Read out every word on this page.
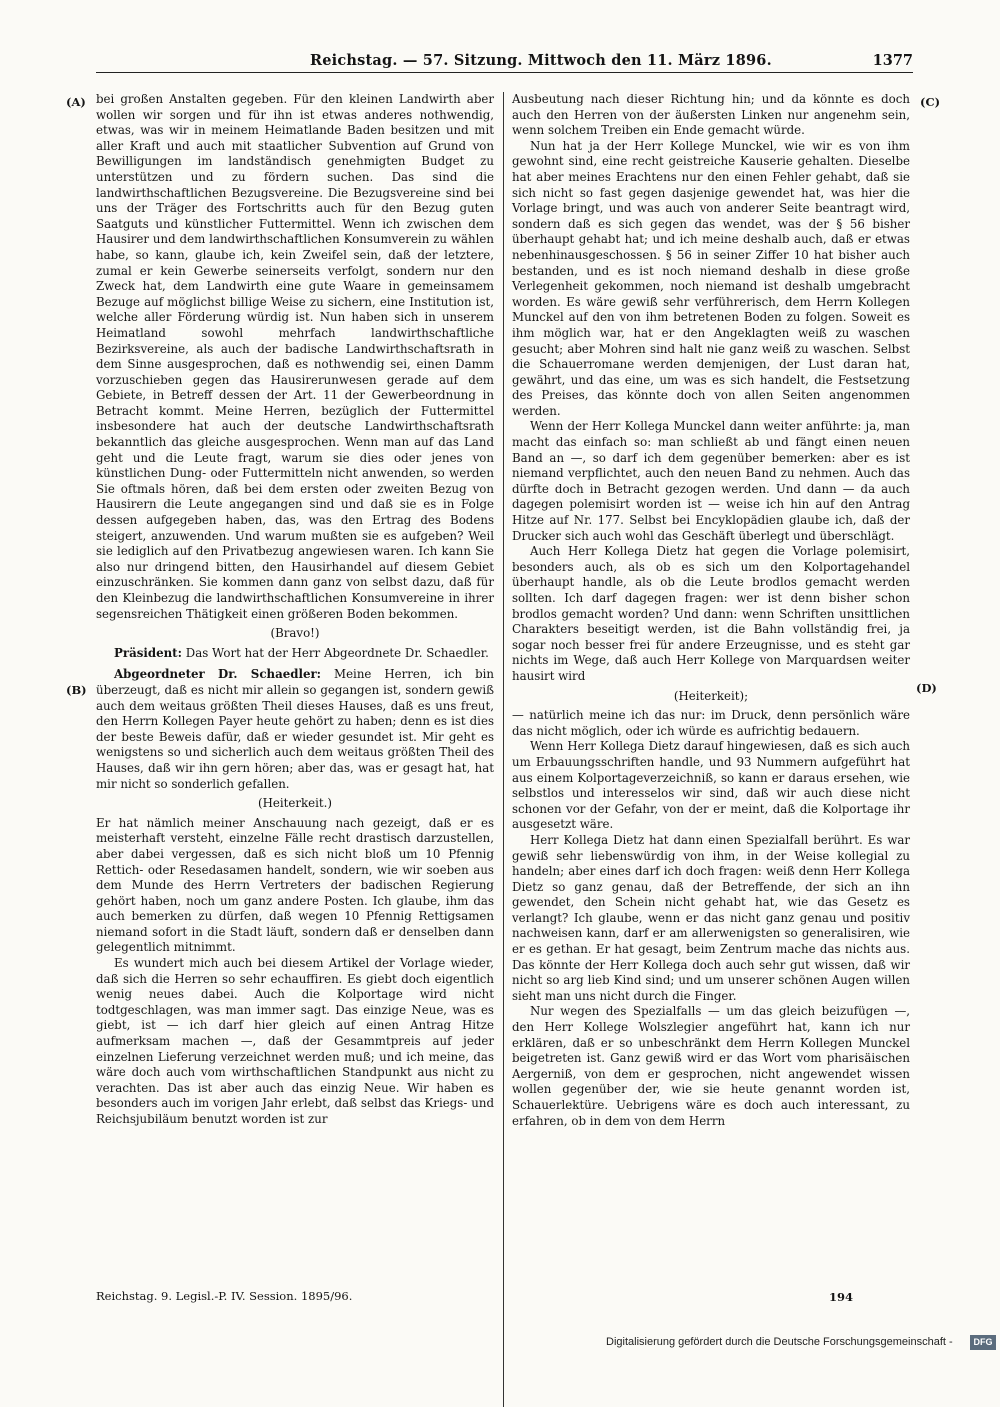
Reichstag. — 57. Sitzung. Mittwoch den 11. März 1896.	1377
(A)
(B)
(C)
(D)

bei großen Anstalten gegeben. Für den kleinen Landwirth aber wollen wir sorgen und für ihn ist etwas anderes nothwendig, etwas, was wir in meinem Heimatlande Baden besitzen und mit aller Kraft und auch mit staatlicher Subvention auf Grund von Bewilligungen im landständisch genehmigten Budget zu unterstützen und zu fördern suchen. Das sind die landwirthschaftlichen Bezugsvereine. Die Bezugsvereine sind bei uns der Träger des Fortschritts auch für den Bezug guten Saatguts und künstlicher Futtermittel. Wenn ich zwischen dem Hausirer und dem landwirthschaftlichen Konsumverein zu wählen habe, so kann, glaube ich, kein Zweifel sein, daß der letztere, zumal er kein Gewerbe seinerseits verfolgt, sondern nur den Zweck hat, dem Landwirth eine gute Waare in gemeinsamem Bezuge auf möglichst billige Weise zu sichern, eine Institution ist, welche aller Förderung würdig ist. Nun haben sich in unserem Heimatland sowohl mehrfach landwirthschaftliche Bezirksvereine, als auch der badische Landwirthschaftsrath in dem Sinne ausgesprochen, daß es nothwendig sei, einen Damm vorzuschieben gegen das Hausirerunwesen gerade auf dem Gebiete, in Betreff dessen der Art. 11 der Gewerbeordnung in Betracht kommt. Meine Herren, bezüglich der Futtermittel insbesondere hat auch der deutsche Landwirthschaftsrath bekanntlich das gleiche ausgesprochen. Wenn man auf das Land geht und die Leute fragt, warum sie dies oder jenes von künstlichen Dung- oder Futtermitteln nicht anwenden, so werden Sie oftmals hören, daß bei dem ersten oder zweiten Bezug von Hausirern die Leute angegangen sind und daß sie es in Folge dessen aufgegeben haben, das, was den Ertrag des Bodens steigert, anzuwenden. Und warum mußten sie es aufgeben? Weil sie lediglich auf den Privatbezug angewiesen waren. Ich kann Sie also nur dringend bitten, den Hausirhandel auf diesem Gebiet einzuschränken. Sie kommen dann ganz von selbst dazu, daß für den Kleinbezug die landwirthschaftlichen Konsumvereine in ihrer segensreichen Thätigkeit einen größeren Boden bekommen.

(Bravo!)

Präsident: Das Wort hat der Herr Abgeordnete Dr. Schaedler.

Abgeordneter Dr. Schaedler: Meine Herren, ich bin überzeugt, daß es nicht mir allein so gegangen ist, sondern gewiß auch dem weitaus größten Theil dieses Hauses, daß es uns freut, den Herrn Kollegen Payer heute gehört zu haben; denn es ist dies der beste Beweis dafür, daß er wieder gesundet ist. Mir geht es wenigstens so und sicherlich auch dem weitaus größten Theil des Hauses, daß wir ihn gern hören; aber das, was er gesagt hat, hat mir nicht so sonderlich gefallen.

(Heiterkeit.)

Er hat nämlich meiner Anschauung nach gezeigt, daß er es meisterhaft versteht, einzelne Fälle recht drastisch darzustellen, aber dabei vergessen, daß es sich nicht bloß um 10 Pfennig Rettich- oder Resedasamen handelt, sondern, wie wir soeben aus dem Munde des Herrn Vertreters der badischen Regierung gehört haben, noch um ganz andere Posten. Ich glaube, ihm das auch bemerken zu dürfen, daß wegen 10 Pfennig Rettigsamen niemand sofort in die Stadt läuft, sondern daß er denselben dann gelegentlich mitnimmt.

Es wundert mich auch bei diesem Artikel der Vorlage wieder, daß sich die Herren so sehr echauffiren. Es giebt doch eigentlich wenig neues dabei. Auch die Kolportage wird nicht todtgeschlagen, was man immer sagt. Das einzige Neue, was es giebt, ist — ich darf hier gleich auf einen Antrag Hitze aufmerksam machen —, daß der Gesammtpreis auf jeder einzelnen Lieferung verzeichnet werden muß; und ich meine, das wäre doch auch vom wirthschaftlichen Standpunkt aus nicht zu verachten. Das ist aber auch das einzig Neue. Wir haben es besonders auch im vorigen Jahr erlebt, daß selbst das Kriegs- und Reichsjubiläum benutzt worden ist zur

Ausbeutung nach dieser Richtung hin; und da könnte es doch auch den Herren von der äußersten Linken nur angenehm sein, wenn solchem Treiben ein Ende gemacht würde.

Nun hat ja der Herr Kollege Munckel, wie wir es von ihm gewohnt sind, eine recht geistreiche Kauserie gehalten. Dieselbe hat aber meines Erachtens nur den einen Fehler gehabt, daß sie sich nicht so fast gegen dasjenige gewendet hat, was hier die Vorlage bringt, und was auch von anderer Seite beantragt wird, sondern daß es sich gegen das wendet, was der § 56 bisher überhaupt gehabt hat; und ich meine deshalb auch, daß er etwas nebenhinausgeschossen. § 56 in seiner Ziffer 10 hat bisher auch bestanden, und es ist noch niemand deshalb in diese große Verlegenheit gekommen, noch niemand ist deshalb umgebracht worden. Es wäre gewiß sehr verführerisch, dem Herrn Kollegen Munckel auf den von ihm betretenen Boden zu folgen. Soweit es ihm möglich war, hat er den Angeklagten weiß zu waschen gesucht; aber Mohren sind halt nie ganz weiß zu waschen. Selbst die Schauerromane werden demjenigen, der Lust daran hat, gewährt, und das eine, um was es sich handelt, die Festsetzung des Preises, das könnte doch von allen Seiten angenommen werden.

Wenn der Herr Kollega Munckel dann weiter anführte: ja, man macht das einfach so: man schließt ab und fängt einen neuen Band an —, so darf ich dem gegenüber bemerken: aber es ist niemand verpflichtet, auch den neuen Band zu nehmen. Auch das dürfte doch in Betracht gezogen werden. Und dann — da auch dagegen polemisirt worden ist — weise ich hin auf den Antrag Hitze auf Nr. 177. Selbst bei Encyklopädien glaube ich, daß der Drucker sich auch wohl das Geschäft überlegt und überschlägt.

Auch Herr Kollega Dietz hat gegen die Vorlage polemisirt, besonders auch, als ob es sich um den Kolportagehandel überhaupt handle, als ob die Leute brodlos gemacht werden sollten. Ich darf dagegen fragen: wer ist denn bisher schon brodlos gemacht worden? Und dann: wenn Schriften unsittlichen Charakters beseitigt werden, ist die Bahn vollständig frei, ja sogar noch besser frei für andere Erzeugnisse, und es steht gar nichts im Wege, daß auch Herr Kollege von Marquardsen weiter hausirt wird

(Heiterkeit);

— natürlich meine ich das nur: im Druck, denn persönlich wäre das nicht möglich, oder ich würde es aufrichtig bedauern.

Wenn Herr Kollega Dietz darauf hingewiesen, daß es sich auch um Erbauungsschriften handle, und 93 Nummern aufgeführt hat aus einem Kolportageverzeichniß, so kann er daraus ersehen, wie selbstlos und interesselos wir sind, daß wir auch diese nicht schonen vor der Gefahr, von der er meint, daß die Kolportage ihr ausgesetzt wäre.

Herr Kollega Dietz hat dann einen Spezialfall berührt. Es war gewiß sehr liebenswürdig von ihm, in der Weise kollegial zu handeln; aber eines darf ich doch fragen: weiß denn Herr Kollega Dietz so ganz genau, daß der Betreffende, der sich an ihn gewendet, den Schein nicht gehabt hat, wie das Gesetz es verlangt? Ich glaube, wenn er das nicht ganz genau und positiv nachweisen kann, darf er am allerwenigsten so generalisiren, wie er es gethan. Er hat gesagt, beim Zentrum mache das nichts aus. Das könnte der Herr Kollega doch auch sehr gut wissen, daß wir nicht so arg lieb Kind sind; und um unserer schönen Augen willen sieht man uns nicht durch die Finger.

Nur wegen des Spezialfalls — um das gleich beizufügen —, den Herr Kollege Wolszlegier angeführt hat, kann ich nur erklären, daß er so unbeschränkt dem Herrn Kollegen Munckel beigetreten ist. Ganz gewiß wird er das Wort vom pharisäischen Aergerniß, von dem er gesprochen, nicht angewendet wissen wollen gegenüber der, wie sie heute genannt worden ist, Schauerlektüre. Uebrigens wäre es doch auch interessant, zu erfahren, ob in dem von dem Herrn

Reichstag. 9. Legisl.-P. IV. Session. 1895/96.	194
Digitalisierung gefördert durch die Deutsche Forschungsgemeinschaft -	DFG
